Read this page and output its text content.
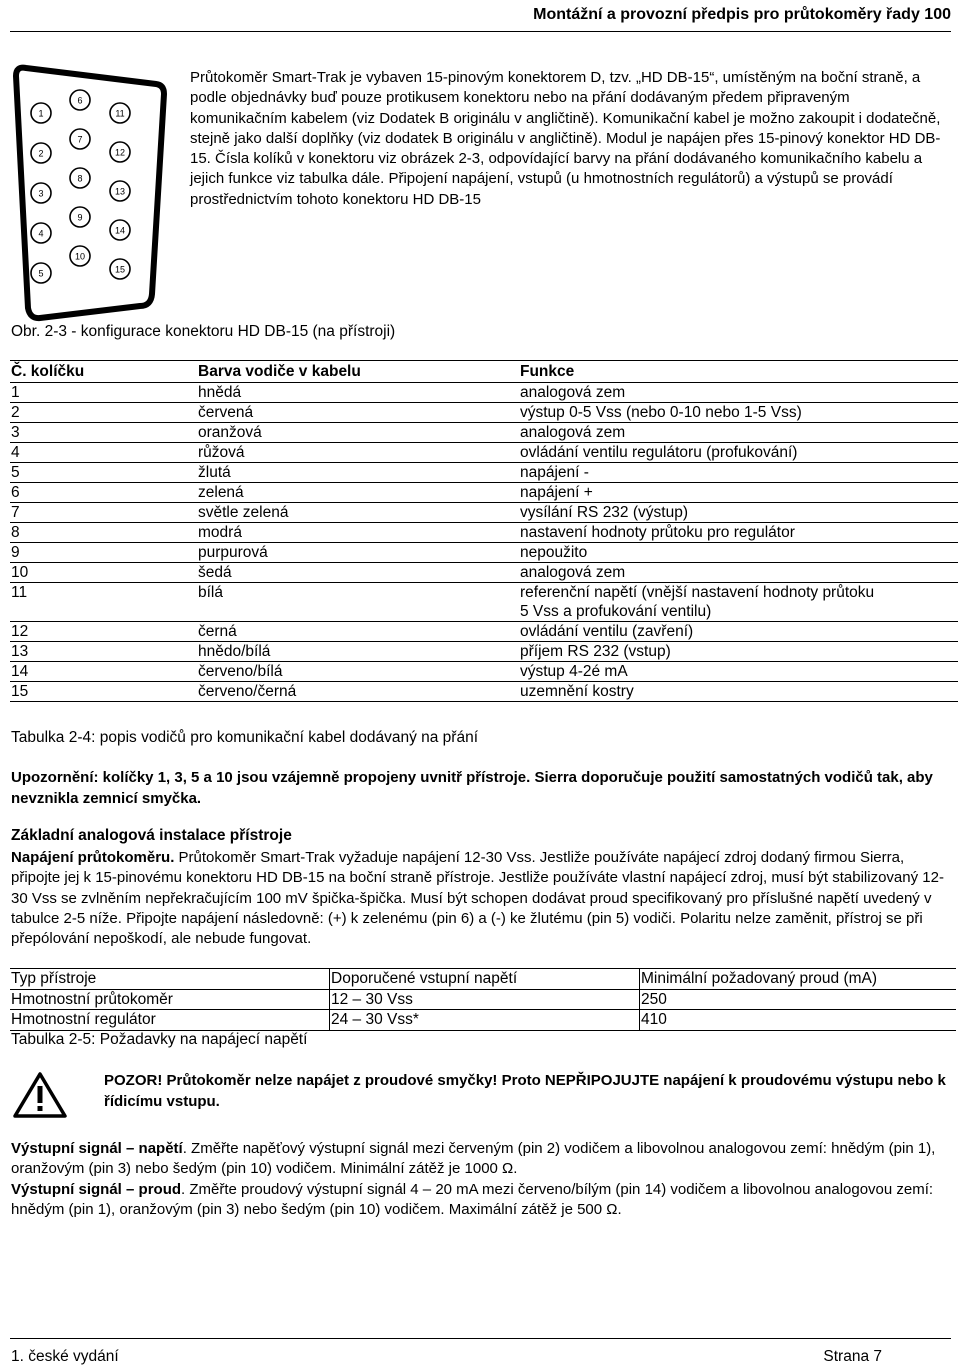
Montážní a provozní předpis pro průtokoměry řady 100
1
2
3
4
5
6
7
8
9
10
11
12
13
14
15

Průtokoměr Smart-Trak je vybaven 15-pinovým konektorem D, tzv. „HD DB-15“, umístěným na boční straně, a podle objednávky buď pouze protikusem konektoru nebo na přání dodávaným předem připraveným komunikačním kabelem (viz Dodatek B originálu v angličtině). Komunikační kabel je možno zakoupit i dodatečně, stejně jako další doplňky (viz dodatek B originálu v angličtině). Modul je napájen přes 15-pinový konektor HD DB-15. Čísla kolíků v konektoru viz obrázek 2-3, odpovídající barvy na přání dodávaného komunikačního kabelu a jejich funkce viz tabulka dále. Připojení napájení, vstupů (u hmotnostních regulátorů) a výstupů se provádí prostřednictvím tohoto konektoru HD DB-15

Obr. 2-3 - konfigurace konektoru HD DB-15 (na přístroji)
Č. kolíčku	Barva vodiče v kabelu	Funkce
1	hnědá	analogová zem
2	červená	výstup 0-5 Vss (nebo 0-10 nebo 1-5 Vss)
3	oranžová	analogová zem
4	růžová	ovládání ventilu regulátoru (profukování)
5	žlutá	napájení -
6	zelená	napájení +
7	světle zelená	vysílání RS 232 (výstup)
8	modrá	nastavení hodnoty průtoku pro regulátor
9	purpurová	nepoužito
10	šedá	analogová zem
11	bílá	referenční napětí (vnější nastavení hodnoty průtoku
5 Vss a profukování ventilu)

12	černá	ovládání ventilu (zavření)
13	hnědo/bílá	příjem RS 232 (vstup)
14	červeno/bílá	výstup 4-2é mA
15	červeno/černá	uzemnění kostry
Tabulka 2-4: popis vodičů pro komunikační kabel dodávaný na přání

Upozornění: kolíčky 1, 3, 5 a 10 jsou vzájemně propojeny uvnitř přístroje. Sierra doporučuje použití samostatných vodičů tak, aby nevznikla zemnicí smyčka.

Základní analogová instalace přístroje

Napájení průtokoměru. Průtokoměr Smart-Trak vyžaduje napájení 12-30 Vss. Jestliže používáte napájecí zdroj dodaný firmou Sierra, připojte jej k 15-pinovému konektoru HD DB-15 na boční straně přístroje. Jestliže používáte vlastní napájecí zdroj, musí být stabilizovaný 12-30 Vss se zvlněním nepřekračujícím 100 mV špička-špička. Musí být schopen dodávat proud specifikovaný pro příslušné napětí uvedený v tabulce 2-5 níže. Připojte napájení následovně: (+) k zelenému (pin 6) a (-) ke žlutému (pin 5) vodiči. Polaritu nelze zaměnit, přístroj se při přepólování nepoškodí, ale nebude fungovat.

Typ přístroje	Doporučené vstupní napětí	Minimální požadovaný proud (mA)
Hmotnostní průtokoměr	12 – 30 Vss	250
Hmotnostní regulátor	24 – 30 Vss*	410
Tabulka 2-5: Požadavky na napájecí napětí

POZOR! Průtokoměr nelze napájet z proudové smyčky! Proto NEPŘIPOJUJTE napájení k proudovému výstupu nebo k řídicímu vstupu.

Výstupní signál – napětí. Změřte napěťový výstupní signál mezi červeným (pin 2) vodičem a libovolnou analogovou zemí: hnědým (pin 1), oranžovým (pin 3) nebo šedým (pin 10) vodičem. Minimální zátěž je 1000 Ω.
Výstupní signál – proud. Změřte proudový výstupní signál 4 – 20 mA mezi červeno/bílým (pin 14) vodičem a libovolnou analogovou zemí: hnědým (pin 1), oranžovým (pin 3) nebo šedým (pin 10) vodičem. Maximální zátěž je 500 Ω.

1. české vydání	Strana 7
